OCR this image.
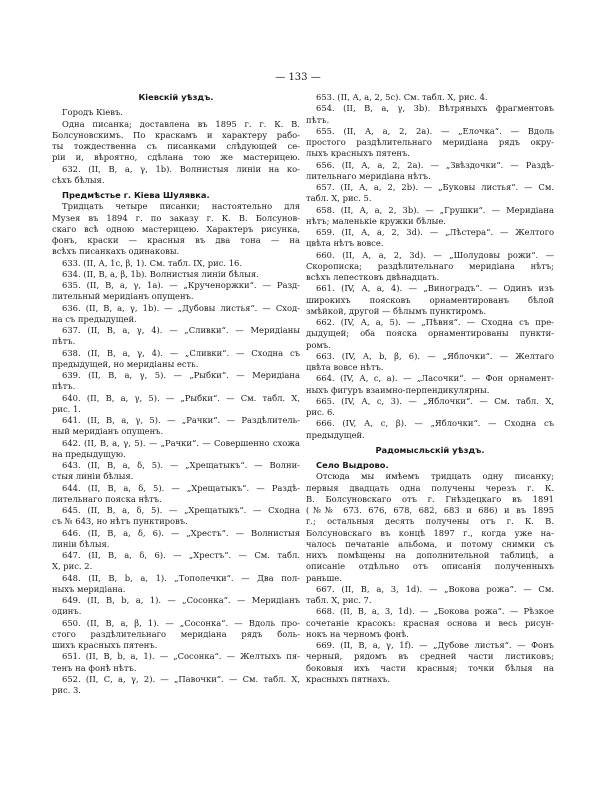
— 133 —
Кіевскій уѣздъ.
Городъ Кіевъ.
Одна писанка; доставлена въ 1895 г. г. К. В.
Болсуновскимъ. По краскамъ и характеру рабо-
ты тождественна съ писанками слѣдующей се-
ріи и, вѣроятно, сдѣлана тою же мастерицею.
632. (II, В, a, γ, 1b). Волнистыя линіи на ко-
сѣхъ бѣлыя.
Предмѣстье г. Кіева Шулявка.
Тридцать четыре писанки; настоятельно для
Музея въ 1894 г. по заказу г. К. В. Болсунов-
скаго всѣ одною мастерицею. Характеръ рисунка,
фонъ, краски — красныя въ два тона — на
всѣхъ писанкахъ одинаковы.
633. (II, А, 1c, β, 1). См. табл. IX, рис. 16.
634. (II, В, a, β, 1b). Волнистыя линіи бѣлыя.
635. (II, В, a, γ, 1a). — „Крученоржки“. — Разд-
лительный меридіанъ опущенъ.
636. (II, В, a, γ, 1b). — „Дубовы листья“. — Сход-
на съ предыдущей.
637. (II, В, a, γ, 4). — „Сливки“. — Меридіаны
пѣтъ.
638. (II, В, a, γ, 4). — „Сливки“. — Сходна съ
предыдущей, но меридіаны есть.
639. (II, В, a, γ, 5). — „Рыбки“. — Меридіана
пѣтъ.
640. (II, В, a, γ, 5). — „Рыбки“. — См. табл. X,
рис. 1.
641. (II, В, a, γ, 5). — „Рачки“. — Раздѣлитель-
ный меридіанъ опущенъ.
642. (II, В, a, γ, 5). — „Рачки“. — Совершенно схожа
на предыдущую.
643. (II, В, a, δ, 5). — „Хрещатыкъ“. — Волни-
стыя линіи бѣлыя.
644. (II, В, a, δ, 5). — „Хрещатыкъ“. — Раздѣ-
лительнаго пояска нѣтъ.
645. (II, В, a, δ, 5). — „Хрещатыкъ“. — Сходна
съ № 643, но нѣтъ пунктировъ.
646. (II, В, a, δ, 6). — „Хрестъ“. — Волнистыя
линіи бѣлыя.
647. (II, В, a, δ, 6). — „Хрестъ“. — См. табл.
X, рис. 2.
648. (II, В, b, a, 1). „Тополечки“. — Два пол-
ныхъ меридіана.
649. (II, В, b, a, 1). — „Сосонка“. — Меридіанъ
одинъ.
650. (II, В, a, β, 1). — „Сосонка“. — Вдоль про-
стого раздѣлительнаго меридіана рядъ боль-
шихъ красныхъ пятенъ.
651. (II, В, b, a, 1). — „Сосонка“. — Желтыхъ пя-
тенъ на фонѣ нѣтъ.
652. (II, С, a, γ, 2). — „Павочки“. — См. табл. X,
рис. 3.
653. (II, А, a, 2, 5c). См. табл. X, рис. 4.
654. (II, В, a, γ, 3b). Вѣтряныхъ фрагментовъ
пѣтъ.
655. (II, А, a, 2, 2a). — „Елочка“. — Вдоль
простого раздѣлительнаго меридіана рядъ окру-
лыхъ красныхъ пятенъ.
656. (II, А, a, 2, 2a). — „Звѣздочки“. — Раздѣ-
лительнаго меридіана нѣтъ.
657. (II, А, a, 2, 2b). — „Буковы листья“. — См.
табл. X, рис. 5.
658. (II, А, a, 2, 3b). — „Грушки“. — Меридіана
нѣтъ; маленькіе кружки бѣлые.
659. (II, А, a, 2, 3d). — „Лѣстера“. — Желтого
цвѣта нѣтъ вовсе.
660. (II, А, a, 2, 3d). — „Шолудовы рожи“. —
Скорописка; раздѣлительнаго меридіана нѣтъ;
всѣхъ лепестковъ двѣнадцать.
661. (IV, А, a, 4). — „Виноградъ“. — Одинъ изъ
широкихъ поясковъ орнаментированъ бѣлой
змѣйкой, другой — бѣлымъ пунктиромъ.
662. (IV, А, a, 5). — „Пѣвня“. — Сходна съ пре-
дыдущей; оба пояска орнаментированы пункти-
ромъ.
663. (IV, А, b, β, 6). — „Яблочки“. — Желтаго
цвѣта вовсе нѣтъ.
664. (IV, А, c, a). — „Ласочки“. — Фон орнамент-
ныхъ фигуръ взаимно-перпендикулярны.
665. (IV, А, c, 3). — „Яблочки“. — См. табл. X,
рис. 6.
666. (IV, А, c, β). — „Яблочки“. — Сходна съ
предыдущей.
Радомысльскій уѣздъ.
Село Выдрово.
Отсюда мы имѣемъ тридцать одну писанку;
первыя двадцать одна получены черезъ г. К.
В. Болсуновскаго отъ г. Гнѣздецкаго въ 1891
(№№ 673. 676, 678, 682, 683 и 686) и въ 1895
г.; остальныя десять получены отъ г. К. В.
Болсуновскаго въ концѣ 1897 г., когда уже на-
чалось печатаніе альбома, и потому снимки съ
нихъ помѣщены на дополнительной таблицѣ, а
описаніе отдѣльно отъ описанія полученныхъ
раньше.
667. (II, В, a, 3, 1d). — „Вокова рожа“. — См.
табл. X, рис. 7.
668. (II, В, a, 3, 1d). — „Бокова рожа“. — Рѣзкое
сочетаніе красокъ: красная основа и весь рисун-
нокъ на черномъ фонѣ.
669. (II, В, a, γ, 1f). — „Дубове листья“. — Фонъ
черный, рядомъ въ средней части листиковъ;
боковыя ихъ части красныя; точки бѣлыя на
красныхъ пятнахъ.
